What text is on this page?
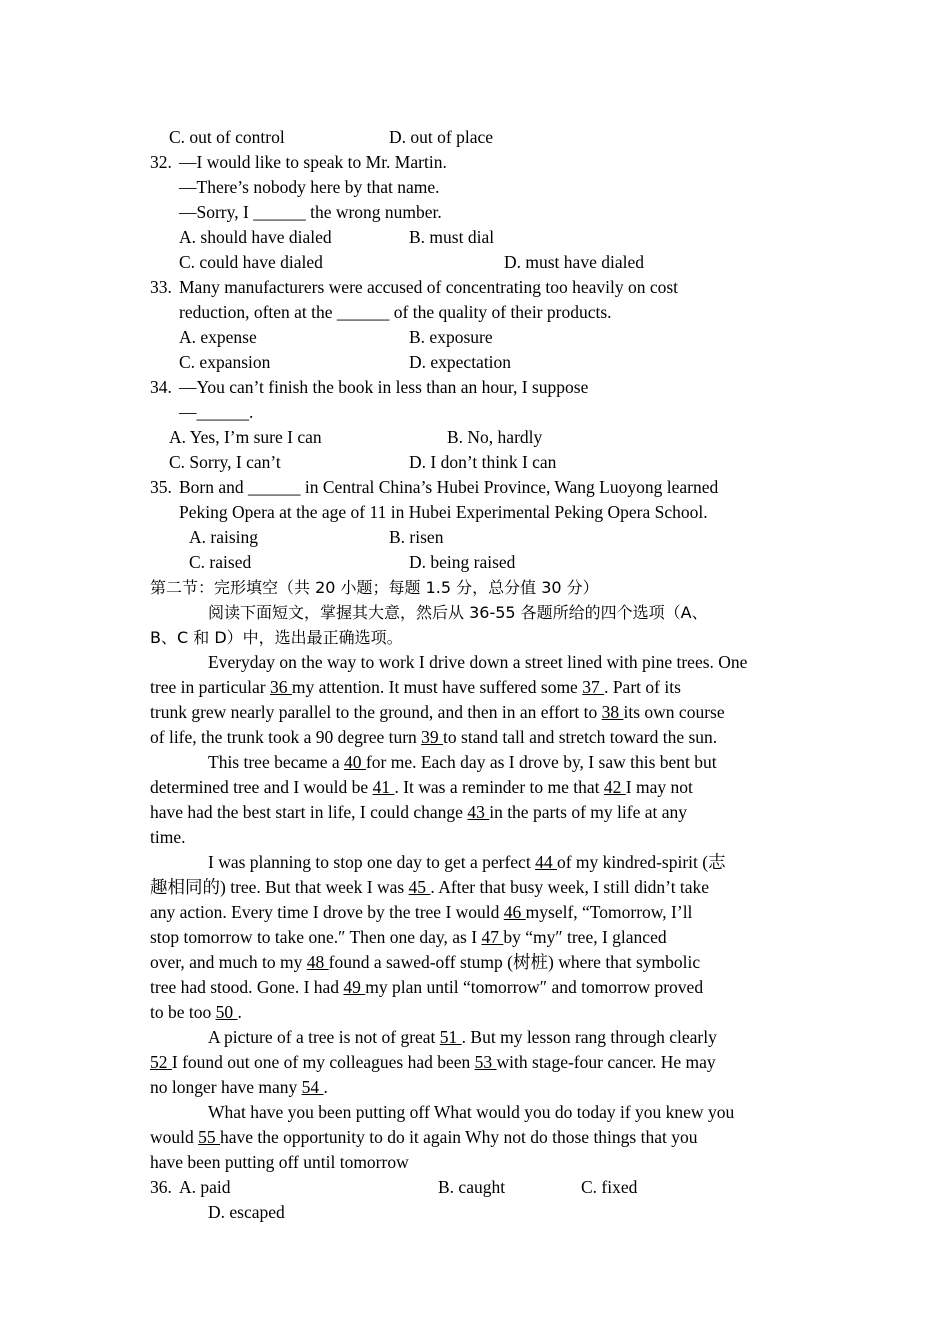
C. out of control	D. out of place
32. —I would like to speak to Mr. Martin.
—There’s nobody here by that name.
—Sorry, I ______ the wrong number.
A. should have dialed	B. must dial
C. could have dialed	D. must have dialed
33. Many manufacturers were accused of concentrating too heavily on cost
reduction, often at the ______ of the quality of their products.
A. expense	B. exposure
C. expansion	D. expectation
34. —You can’t finish the book in less than an hour, I suppose
—______.
A. Yes, I’m sure I can	B. No, hardly
C. Sorry, I can’t	D. I don’t think I can
35. Born and ______ in Central China’s Hubei Province, Wang Luoyong learned
Peking Opera at the age of 11 in Hubei Experimental Peking Opera School.
A. raising	B. risen
C. raised	D. being raised
第二节：完形填空（共 20 小题；每题 1.5 分，总分值 30 分）
阅读下面短文，掌握其大意，然后从 36-55 各题所给的四个选项（A、
B、C 和 D）中，选出最正确选项。
Everyday on the way to work I drive down a street lined with pine trees. One
tree in particular 36 my attention. It must have suffered some 37 . Part of its
trunk grew nearly parallel to the ground, and then in an effort to 38 its own course
of life, the trunk took a 90 degree turn 39 to stand tall and stretch toward the sun.
This tree became a 40 for me. Each day as I drove by, I saw this bent but
determined tree and I would be 41 . It was a reminder to me that 42 I may not
have had the best start in life, I could change 43 in the parts of my life at any
time.
I was planning to stop one day to get a perfect 44 of my kindred-spirit (志
趣相同的) tree. But that week I was 45 . After that busy week, I still didn’t take
any action. Every time I drove by the tree I would 46 myself, “Tomorrow, I’ll
stop tomorrow to take one.″ Then one day, as I 47 by “my″ tree, I glanced
over, and much to my 48 found a sawed-off stump (树桩) where that symbolic
tree had stood. Gone. I had 49 my plan until “tomorrow″ and tomorrow proved
to be too 50 .
A picture of a tree is not of great 51 . But my lesson rang through clearly
52 I found out one of my colleagues had been 53 with stage-four cancer. He may
no longer have many 54 .
What have you been putting off What would you do today if you knew you
would 55 have the opportunity to do it again Why not do those things that you
have been putting off until tomorrow
36. A. paid	B. caught	C. fixed
D. escaped
